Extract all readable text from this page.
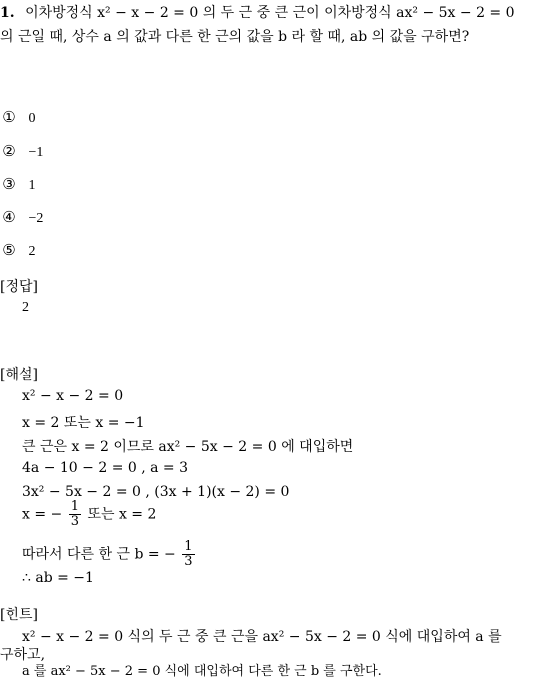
1. 이차방정식 x² − x − 2 = 0 의 두 근 중 큰 근이 이차방정식 ax² − 5x − 2 = 0
의 근일 때, 상수 a 의 값과 다른 한 근의 값을 b 라 할 때, ab 의 값을 구하면?
① 0
② −1
③ 1
④ −2
⑤ 2
[정답]
2
[해설]
x² − x − 2 = 0
x = 2 또는 x = −1
큰 근은 x = 2 이므로 ax² − 5x − 2 = 0 에 대입하면
4a − 10 − 2 = 0 , a = 3
3x² − 5x − 2 = 0 , (3x + 1)(x − 2) = 0
x = − $\frac{1}{3}$ 또는 x = 2
따라서 다른 한 근 b = − $\frac{1}{3}$
∴ ab = −1
[힌트]
x² − x − 2 = 0 식의 두 근 중 큰 근을 ax² − 5x − 2 = 0 식에 대입하여 a 를
구하고,
a 를 ax² − 5x − 2 = 0 식에 대입하여 다른 한 근 b 를 구한다.
